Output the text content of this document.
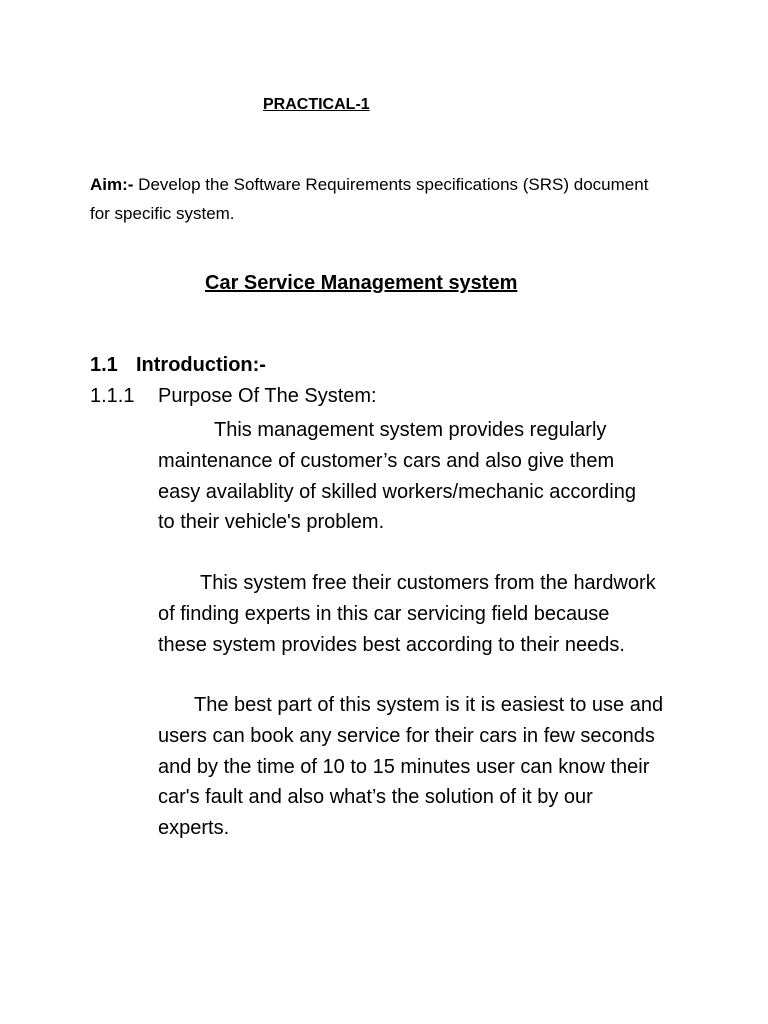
PRACTICAL-1
Aim:- Develop the Software Requirements specifications (SRS) document for specific system.
Car Service Management system
1.1 Introduction:-
1.1.1 Purpose Of The System:
This management system provides regularly
maintenance of customer’s cars and also give them
easy availablity of skilled workers/mechanic according
to their vehicle's problem.
This system free their customers from the hardwork
of finding experts in this car servicing field because
these system provides best according to their needs.
The best part of this system is it is easiest to use and
users can book any service for their cars in few seconds
and by the time of 10 to 15 minutes user can know their
car's fault and also what’s the solution of it by our
experts.
